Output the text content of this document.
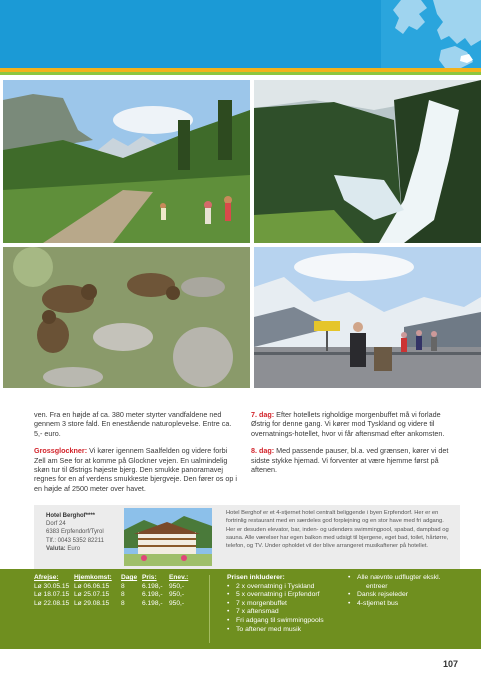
ven. Fra en højde af ca. 380 meter styrter vandfaldene ned gennem 3 store fald. En enestående naturoplevelse. Entre ca. 5,- euro.

Grossglockner: Vi kører igennem Saalfelden og videre forbi Zell am See for at komme på Glockner vejen. En ualmindelig skøn tur til Østrigs højeste bjerg. Den smukke panoramavej regnes for en af verdens smukkeste bjergveje. Den fører os op i en højde af 2500 meter over havet.

7. dag: Efter hotellets righoldige morgenbuffet må vi forlade Østrig for denne gang. Vi kører mod Tyskland og videre til overnatnings-hotellet, hvor vi får aftensmad efter ankomsten.

8. dag: Med passende pauser, bl.a. ved grænsen, kører vi det sidste stykke hjemad. Vi forventer at være hjemme først på aftenen.

Hotel Berghof****
Dorf 24
6383 Erpfendorf/Tyrol
Tlf.: 0043 5352 82211
Valuta: Euro
Hotel Berghof er et 4-stjernet hotel centralt beliggende i byen Erpfendorf. Her er en fortrinlig restaurant med en særdeles god forplejning og en stor have med fri adgang. Her er desuden elevator, bar, inden- og udendørs swimmingpool, spabad, dampbad og sauna. Alle værelser har egen balkon med udsigt til bjergene, eget bad, toilet, hårtørre, telefon, og TV. Under opholdet vil der blive arrangeret musikaftener på hotellet.
Afrejse:	Hjemkomst:	Dage Pris:	Enev.:
Lø 30.05.15 Lø 06.06.15	8	6.198,- 950,-
Lø 18.07.15 Lø 25.07.15	8	6.198,- 950,-
Lø 22.08.15 Lø 29.08.15	8	6.198,- 950,-
Prisen inkluderer:
• 2 x overnatning i Tyskland
• 5 x overnatning i Erpfendorf
• 7 x morgenbuffet
• 7 x aftensmad
• Fri adgang til swimmingpools
• To aftener med musik
• Alle nævnte udflugter ekskl.
entreer
• Dansk rejseleder
• 4-stjernet bus
107
